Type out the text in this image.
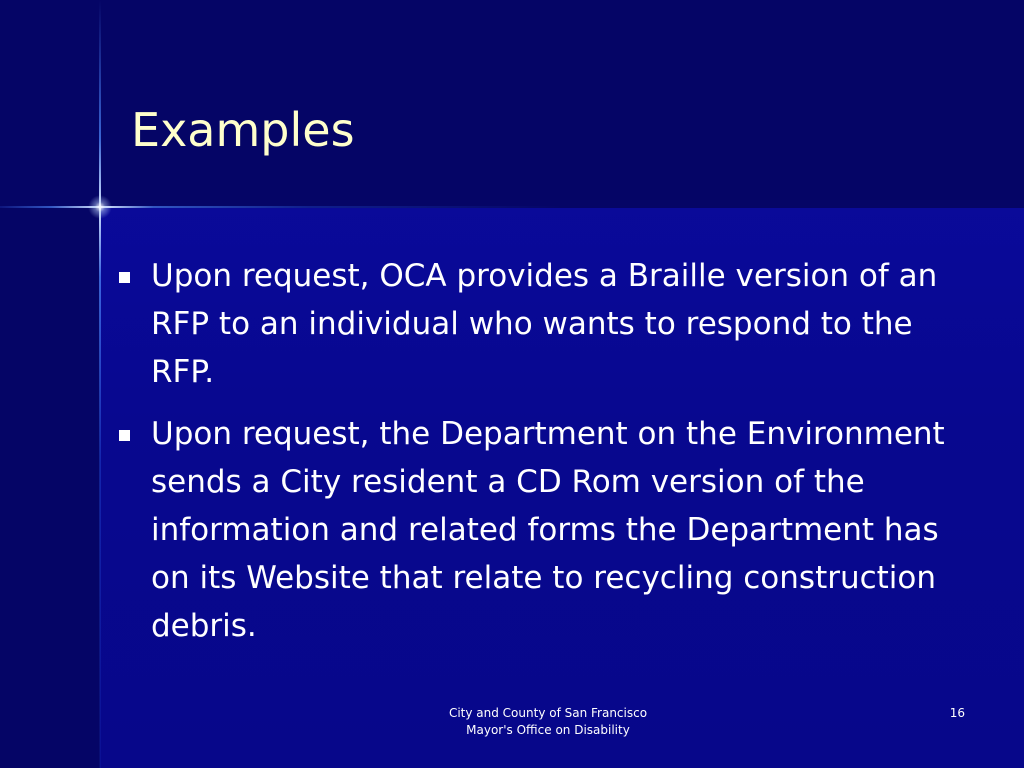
Examples
Upon request, OCA provides a Braille version of an RFP to an individual who wants to respond to the RFP.
Upon request, the Department on the Environment sends a City resident a CD Rom version of the information and related forms the Department has on its Website that relate to recycling construction debris.
City and County of San Francisco
Mayor's Office on Disability
16
